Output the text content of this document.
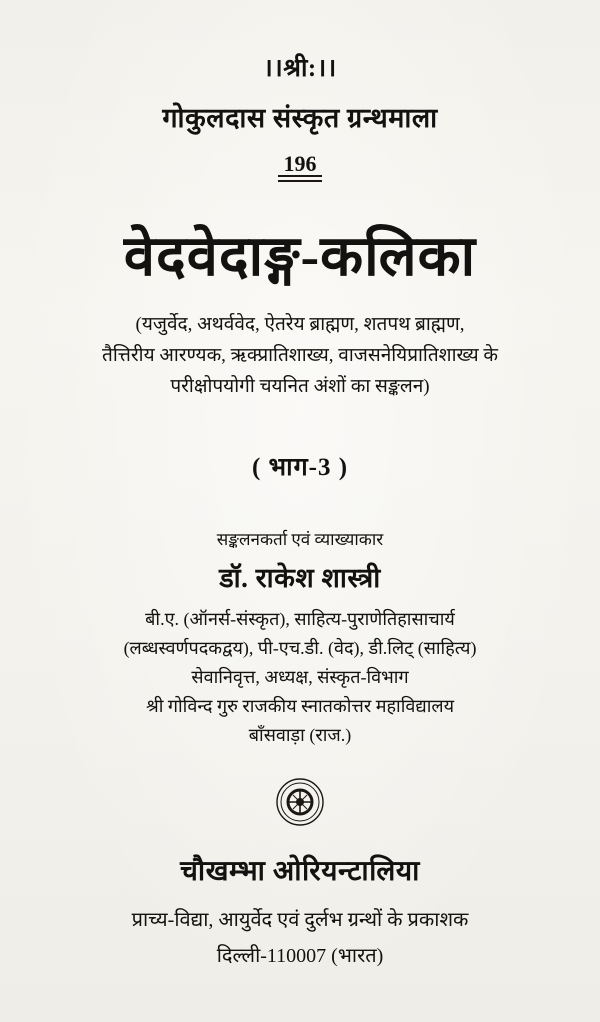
।।श्री:।।
गोकुलदास संस्कृत ग्रन्थमाला
196
वेदवेदाङ्ग-कलिका
(यजुर्वेद, अथर्ववेद, ऐतरेय ब्राह्मण, शतपथ ब्राह्मण,
तैत्तिरीय आरण्यक, ऋक्प्रातिशाख्य, वाजसनेयिप्रातिशाख्य के
परीक्षोपयोगी चयनित अंशों का सङ्कलन)
( भाग-3 )
सङ्कलनकर्ता एवं व्याख्याकार
डॉ. राकेश शास्त्री
बी.ए. (ऑनर्स-संस्कृत), साहित्य-पुराणेतिहासाचार्य
(लब्धस्वर्णपदकद्वय), पी-एच.डी. (वेद), डी.लिट् (साहित्य)
सेवानिवृत्त, अध्यक्ष, संस्कृत-विभाग
श्री गोविन्द गुरु राजकीय स्नातकोत्तर महाविद्यालय
बाँसवाड़ा (राज.)
चौखम्भा ओरियन्टालिया
प्राच्य-विद्या, आयुर्वेद एवं दुर्लभ ग्रन्थों के प्रकाशक
दिल्ली-110007 (भारत)
